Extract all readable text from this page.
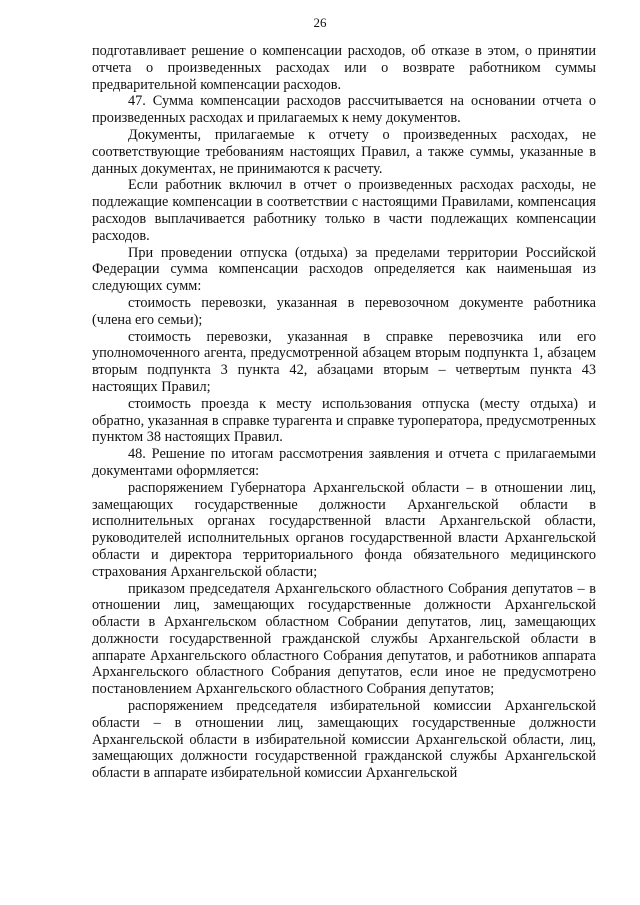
26

подготавливает решение о компенсации расходов, об отказе в этом, о принятии отчета о произведенных расходах или о возврате работником суммы предварительной компенсации расходов.

47. Сумма компенсации расходов рассчитывается на основании отчета о произведенных расходах и прилагаемых к нему документов.

Документы, прилагаемые к отчету о произведенных расходах, не соответствующие требованиям настоящих Правил, а также суммы, указанные в данных документах, не принимаются к расчету.

Если работник включил в отчет о произведенных расходах расходы, не подлежащие компенсации в соответствии с настоящими Правилами, компенсация расходов выплачивается работнику только в части подлежащих компенсации расходов.

При проведении отпуска (отдыха) за пределами территории Российской Федерации сумма компенсации расходов определяется как наименьшая из следующих сумм:

стоимость перевозки, указанная в перевозочном документе работника (члена его семьи);

стоимость перевозки, указанная в справке перевозчика или его уполномоченного агента, предусмотренной абзацем вторым подпункта 1, абзацем вторым подпункта 3 пункта 42, абзацами вторым – четвертым пункта 43 настоящих Правил;

стоимость проезда к месту использования отпуска (месту отдыха) и обратно, указанная в справке турагента и справке туроператора, предусмотренных пунктом 38 настоящих Правил.

48. Решение по итогам рассмотрения заявления и отчета с прилагаемыми документами оформляется:

распоряжением Губернатора Архангельской области – в отношении лиц, замещающих государственные должности Архангельской области в исполнительных органах государственной власти Архангельской области, руководителей исполнительных органов государственной власти Архангельской области и директора территориального фонда обязательного медицинского страхования Архангельской области;

приказом председателя Архангельского областного Собрания депутатов – в отношении лиц, замещающих государственные должности Архангельской области в Архангельском областном Собрании депутатов, лиц, замещающих должности государственной гражданской службы Архангельской области в аппарате Архангельского областного Собрания депутатов, и работников аппарата Архангельского областного Собрания депутатов, если иное не предусмотрено постановлением Архангельского областного Собрания депутатов;

распоряжением председателя избирательной комиссии Архангельской области – в отношении лиц, замещающих государственные должности Архангельской области в избирательной комиссии Архангельской области, лиц, замещающих должности государственной гражданской службы Архангельской области в аппарате избирательной комиссии Архангельской
